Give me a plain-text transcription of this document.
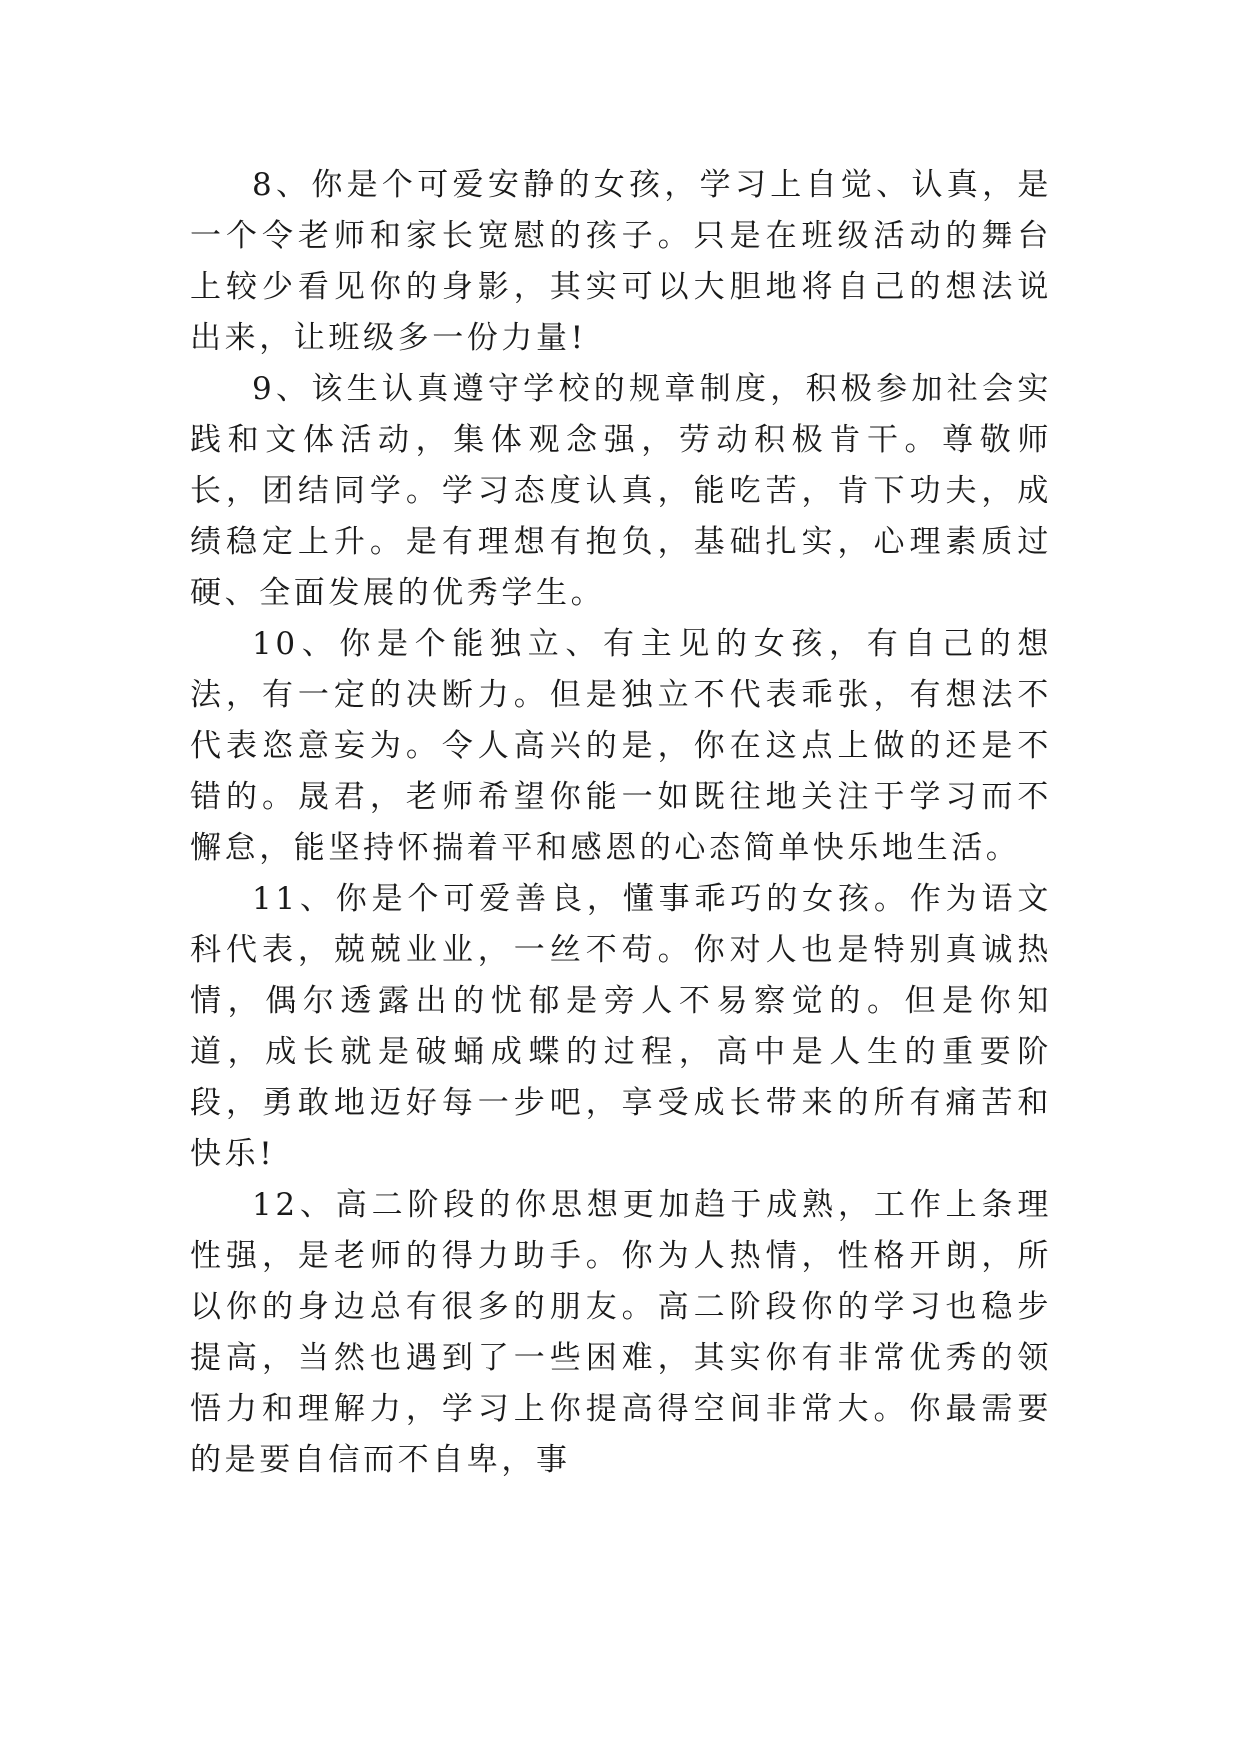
8、你是个可爱安静的女孩，学习上自觉、认真，是一个令老师和家长宽慰的孩子。只是在班级活动的舞台上较少看见你的身影，其实可以大胆地将自己的想法说出来，让班级多一份力量!

9、该生认真遵守学校的规章制度，积极参加社会实践和文体活动，集体观念强，劳动积极肯干。尊敬师长，团结同学。学习态度认真，能吃苦，肯下功夫，成绩稳定上升。是有理想有抱负，基础扎实，心理素质过硬、全面发展的优秀学生。

10、你是个能独立、有主见的女孩，有自己的想法，有一定的决断力。但是独立不代表乖张，有想法不代表恣意妄为。令人高兴的是，你在这点上做的还是不错的。晟君，老师希望你能一如既往地关注于学习而不懈怠，能坚持怀揣着平和感恩的心态简单快乐地生活。

11、你是个可爱善良，懂事乖巧的女孩。作为语文科代表，兢兢业业，一丝不苟。你对人也是特别真诚热情，偶尔透露出的忧郁是旁人不易察觉的。但是你知道，成长就是破蛹成蝶的过程，高中是人生的重要阶段，勇敢地迈好每一步吧，享受成长带来的所有痛苦和快乐!

12、高二阶段的你思想更加趋于成熟，工作上条理性强，是老师的得力助手。你为人热情，性格开朗，所以你的身边总有很多的朋友。高二阶段你的学习也稳步提高，当然也遇到了一些困难，其实你有非常优秀的领悟力和理解力，学习上你提高得空间非常大。你最需要的是要自信而不自卑，事
